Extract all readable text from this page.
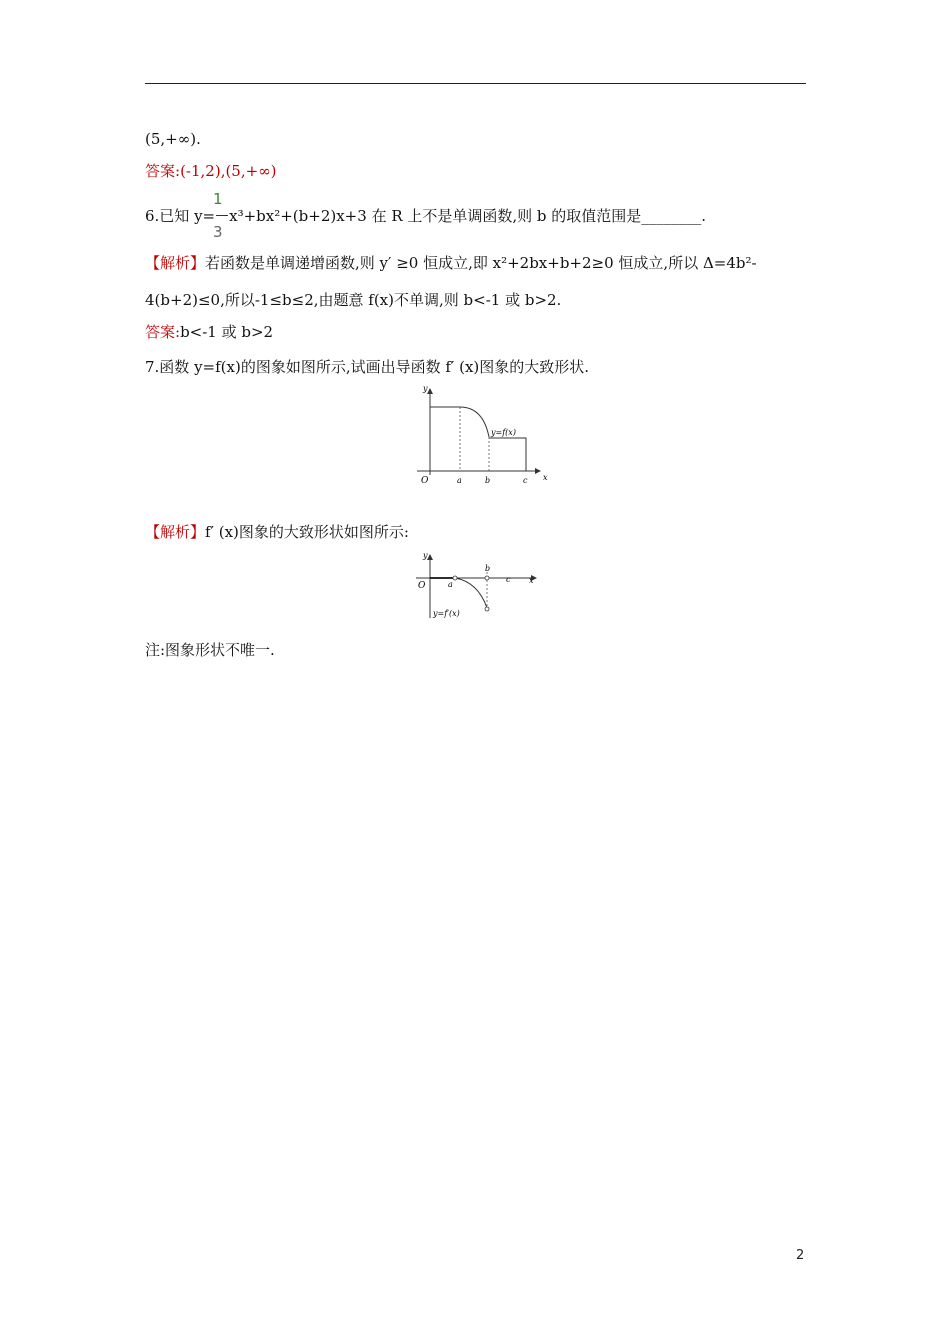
(5,+∞).
答案:(-1,2),(5,+∞)
6.已知 y= x³+bx²+(b+2)x+3 在 R 上不是单调函数,则 b 的取值范围是________.
1
3
【解析】若函数是单调递增函数,则 y′ ≥0 恒成立,即 x²+2bx+b+2≥0 恒成立,所以 Δ=4b²-
4(b+2)≤0,所以-1≤b≤2,由题意 f(x)不单调,则 b<-1 或 b>2.
答案:b<-1 或 b>2
7.函数 y=f(x)的图象如图所示,试画出导函数 f′ (x)图象的大致形状.
y
x
O	a	b	c
y=f(x)
【解析】f′ (x)图象的大致形状如图所示:
y
x
O	a
b
c
y=f′(x)
注:图象形状不唯一.
2
